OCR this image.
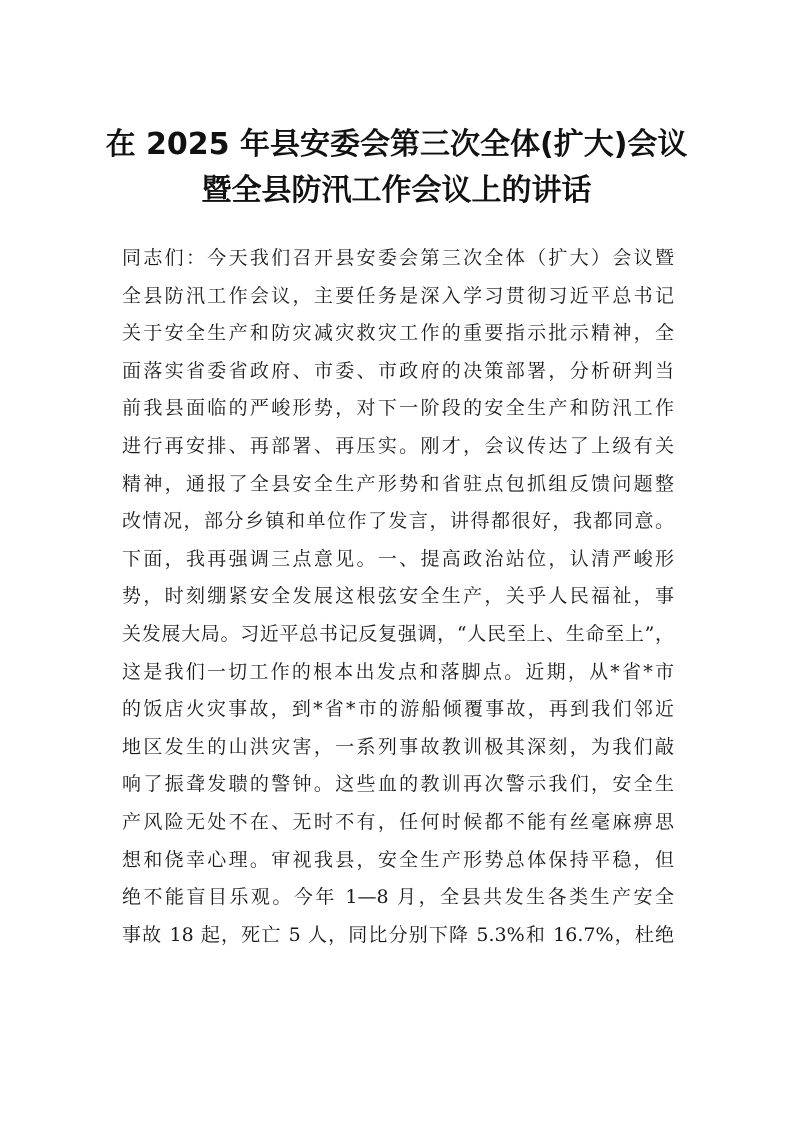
在 2025 年县安委会第三次全体(扩大)会议
暨全县防汛工作会议上的讲话
同志们：今天我们召开县安委会第三次全体（扩大）会议暨
全县防汛工作会议，主要任务是深入学习贯彻习近平总书记
关于安全生产和防灾减灾救灾工作的重要指示批示精神，全
面落实省委省政府、市委、市政府的决策部署，分析研判当
前我县面临的严峻形势，对下一阶段的安全生产和防汛工作
进行再安排、再部署、再压实。刚才，会议传达了上级有关
精神，通报了全县安全生产形势和省驻点包抓组反馈问题整
改情况，部分乡镇和单位作了发言，讲得都很好，我都同意。
下面，我再强调三点意见。一、提高政治站位，认清严峻形
势，时刻绷紧安全发展这根弦安全生产，关乎人民福祉，事
关发展大局。习近平总书记反复强调，“人民至上、生命至上”，
这是我们一切工作的根本出发点和落脚点。近期，从*省*市
的饭店火灾事故，到*省*市的游船倾覆事故，再到我们邻近
地区发生的山洪灾害，一系列事故教训极其深刻，为我们敲
响了振聋发聩的警钟。这些血的教训再次警示我们，安全生
产风险无处不在、无时不有，任何时候都不能有丝毫麻痹思
想和侥幸心理。审视我县，安全生产形势总体保持平稳，但
绝不能盲目乐观。今年 1—8 月，全县共发生各类生产安全
事故 18 起，死亡 5 人，同比分别下降 5.3%和 16.7%，杜绝
